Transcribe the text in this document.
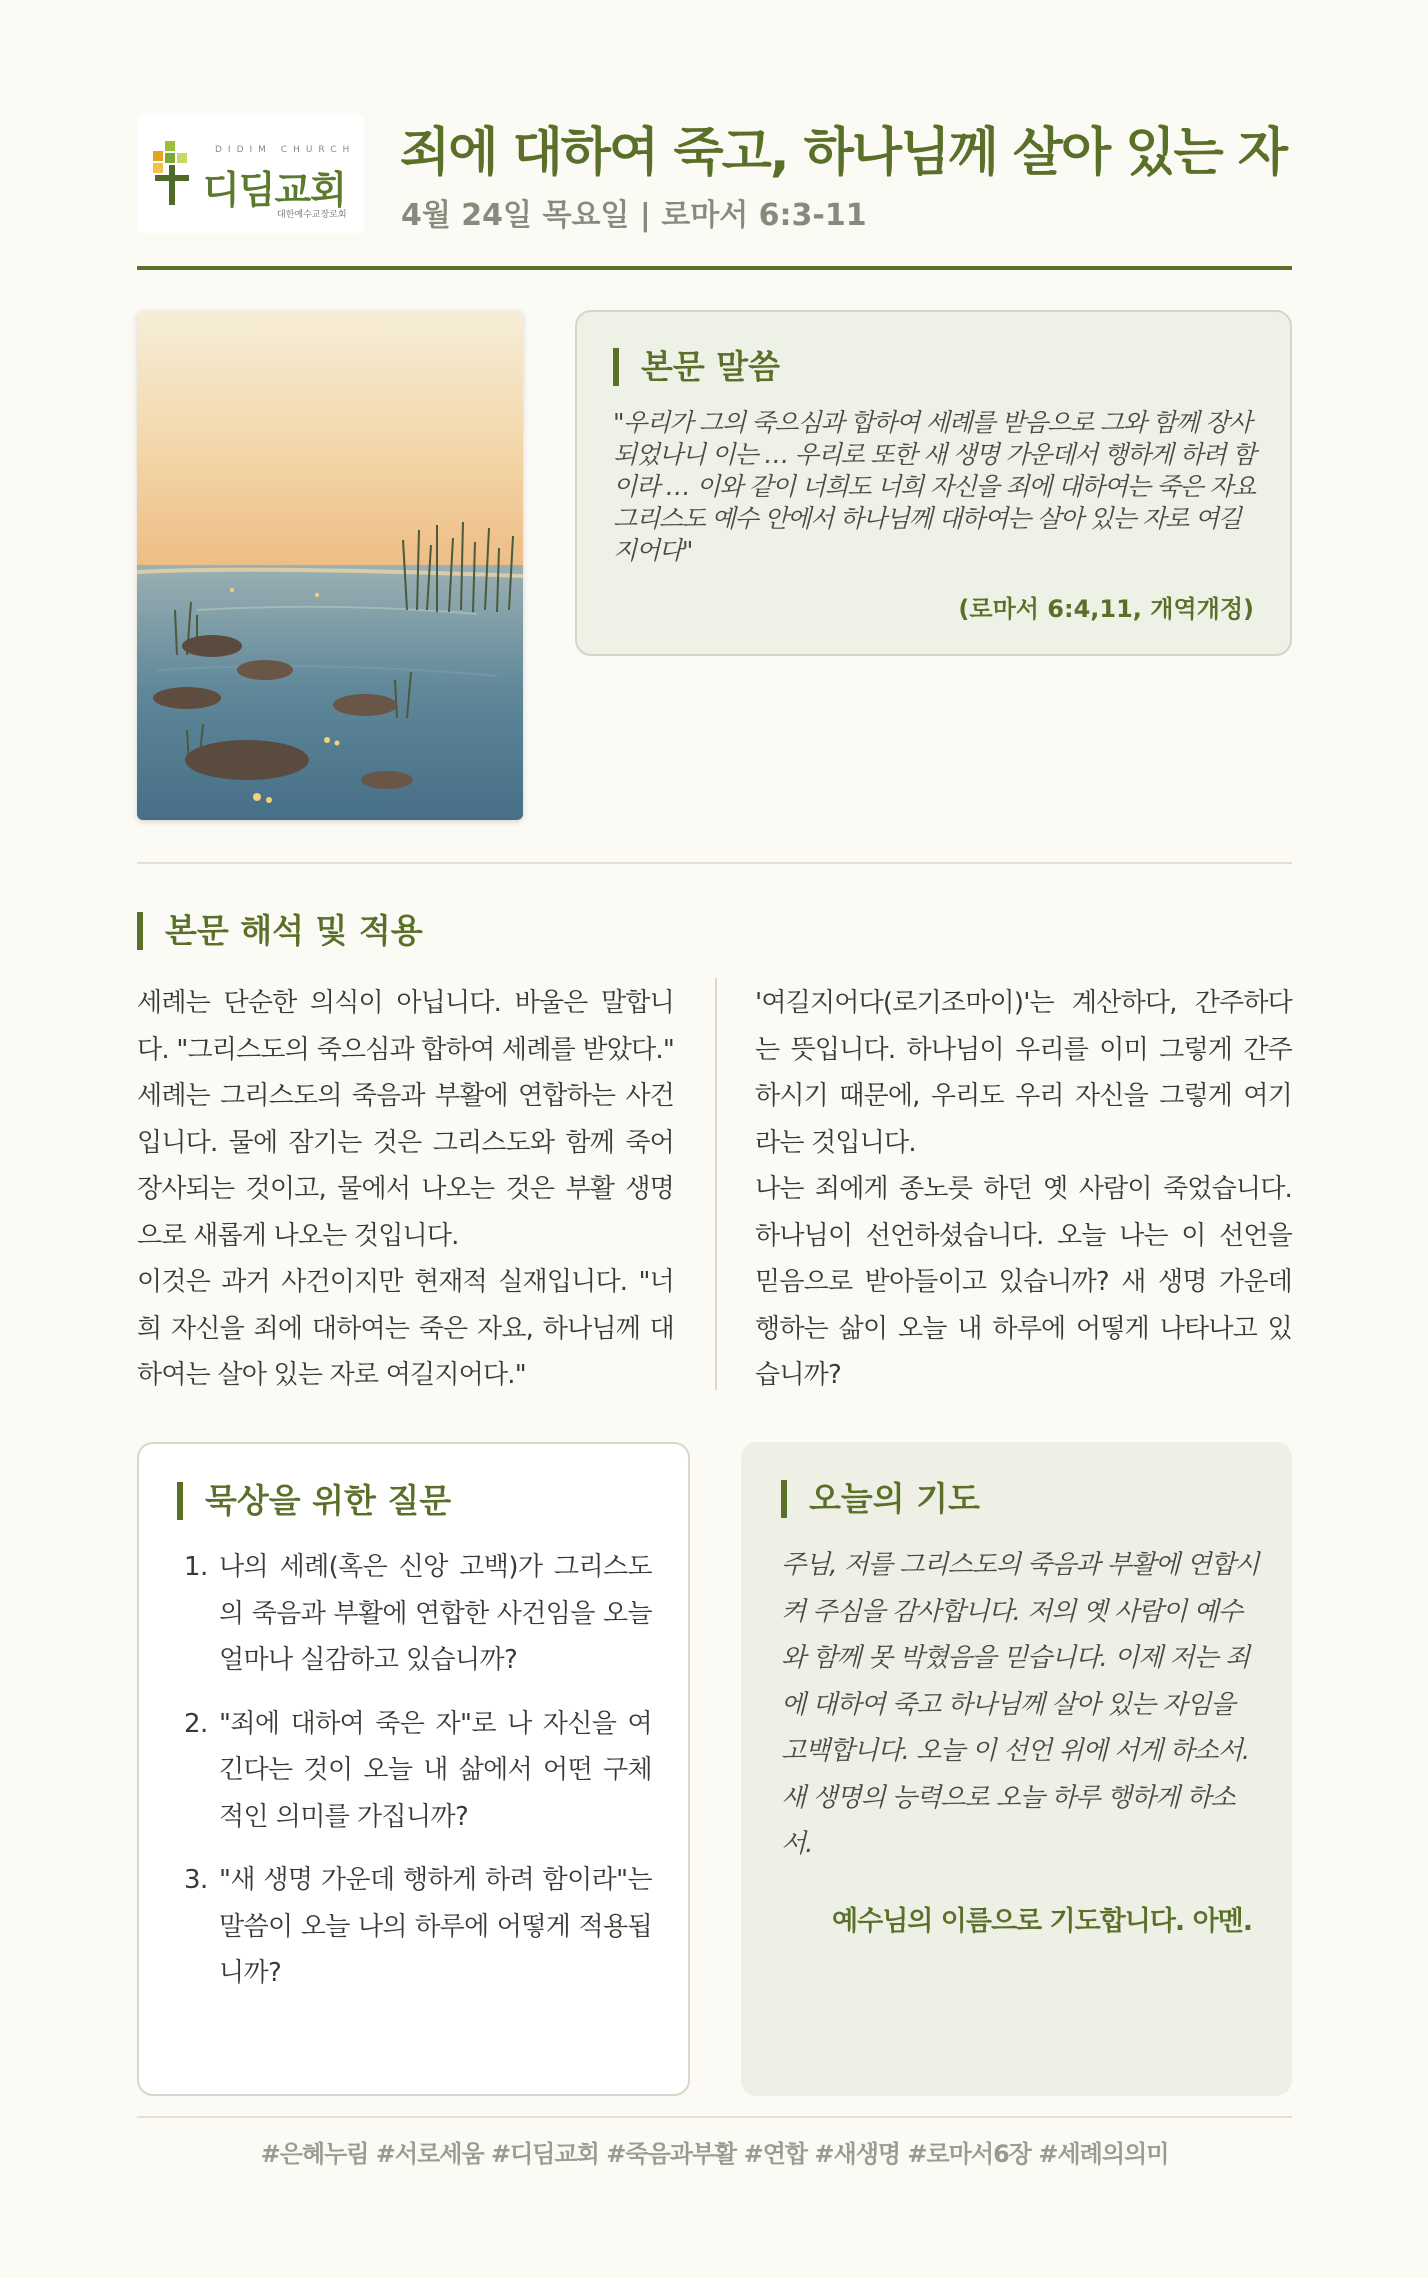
DIDIM CHURCH
디딤교회
대한예수교장로회
죄에 대하여 죽고, 하나님께 살아 있는 자
4월 24일 목요일 | 로마서 6:3-11
본문 말씀
"우리가 그의 죽으심과 합하여 세례를 받음으로 그와 함께 장사되었나니 이는 … 우리로 또한 새 생명 가운데서 행하게 하려 함이라 … 이와 같이 너희도 너희 자신을 죄에 대하여는 죽은 자요 그리스도 예수 안에서 하나님께 대하여는 살아 있는 자로 여길지어다"
(로마서 6:4,11, 개역개정)
본문 해석 및 적용

세례는 단순한 의식이 아닙니다. 바울은 말합니다. "그리스도의 죽으심과 합하여 세례를 받았다." 세례는 그리스도의 죽음과 부활에 연합하는 사건입니다. 물에 잠기는 것은 그리스도와 함께 죽어 장사되는 것이고, 물에서 나오는 것은 부활 생명으로 새롭게 나오는 것입니다.

이것은 과거 사건이지만 현재적 실재입니다. "너희 자신을 죄에 대하여는 죽은 자요, 하나님께 대하여는 살아 있는 자로 여길지어다."

'여길지어다(로기조마이)'는 계산하다, 간주하다는 뜻입니다. 하나님이 우리를 이미 그렇게 간주하시기 때문에, 우리도 우리 자신을 그렇게 여기라는 것입니다.

나는 죄에게 종노릇 하던 옛 사람이 죽었습니다. 하나님이 선언하셨습니다. 오늘 나는 이 선언을 믿음으로 받아들이고 있습니까? 새 생명 가운데 행하는 삶이 오늘 내 하루에 어떻게 나타나고 있습니까?

묵상을 위한 질문
1. 나의 세례(혹은 신앙 고백)가 그리스도의 죽음과 부활에 연합한 사건임을 오늘 얼마나 실감하고 있습니까?
2. "죄에 대하여 죽은 자"로 나 자신을 여긴다는 것이 오늘 내 삶에서 어떤 구체적인 의미를 가집니까?
3. "새 생명 가운데 행하게 하려 함이라"는 말씀이 오늘 나의 하루에 어떻게 적용됩니까?
오늘의 기도
주님, 저를 그리스도의 죽음과 부활에 연합시켜 주심을 감사합니다. 저의 옛 사람이 예수와 함께 못 박혔음을 믿습니다. 이제 저는 죄에 대하여 죽고 하나님께 살아 있는 자임을 고백합니다. 오늘 이 선언 위에 서게 하소서. 새 생명의 능력으로 오늘 하루 행하게 하소서.
예수님의 이름으로 기도합니다. 아멘.
#은혜누림 #서로세움 #디딤교회 #죽음과부활 #연합 #새생명 #로마서6장 #세례의의미
